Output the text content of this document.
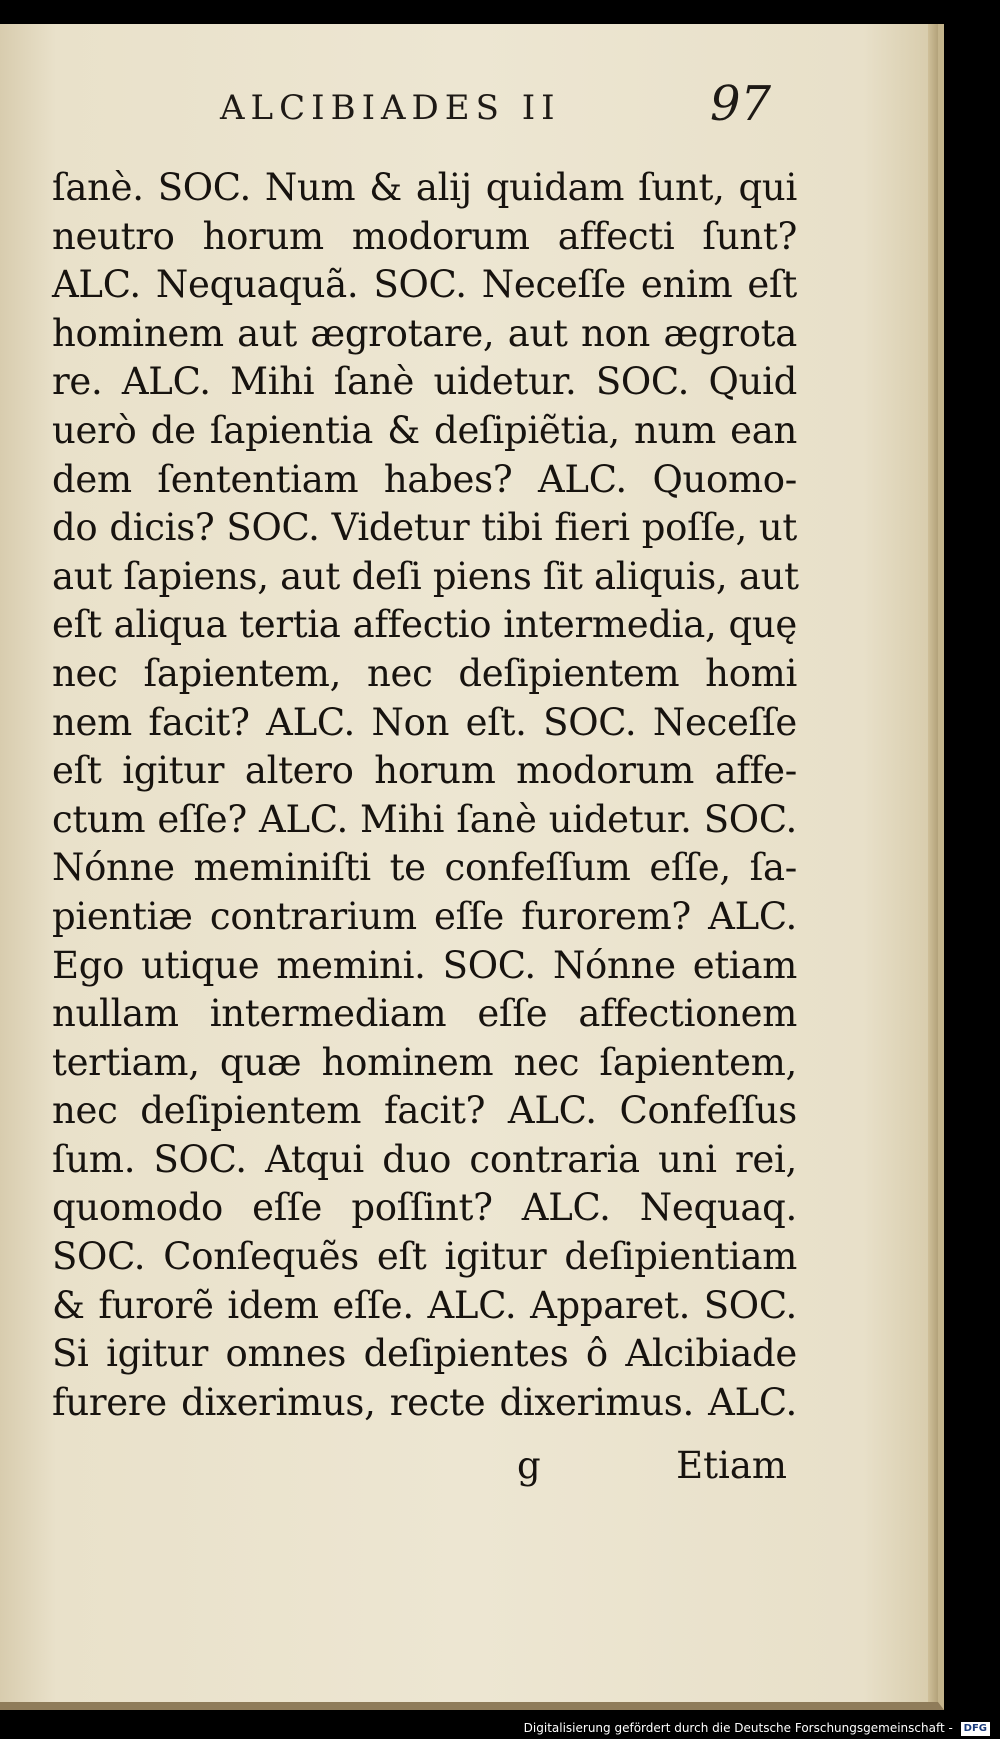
ALCIBIADES II	97
ſanè. SOC. Num & alij quidam ſunt, qui
neutro horum modorum affecti ſunt?
ALC. Nequaquã. SOC. Neceſſe enim eſt
hominem aut ægrotare, aut non ægrota
re. ALC. Mihi ſanè uidetur. SOC. Quid
uerò de ſapientia & deſipiẽtia, num ean
dem ſententiam habes? ALC. Quomo-
do dicis? SOC. Videtur tibi fieri poſſe, ut
aut ſapiens, aut deſi piens ſit aliquis, aut
eſt aliqua tertia affectio intermedia, quę
nec ſapientem, nec deſipientem homi
nem facit? ALC. Non eſt. SOC. Neceſſe
eſt igitur altero horum modorum affe-
ctum eſſe? ALC. Mihi ſanè uidetur. SOC.
Nónne meminiſti te confeſſum eſſe, ſa-
pientiæ contrarium eſſe furorem? ALC.
Ego utique memini. SOC. Nónne etiam
nullam intermediam eſſe affectionem
tertiam, quæ hominem nec ſapientem,
nec deſipientem facit? ALC. Confeſſus
ſum. SOC. Atqui duo contraria uni rei,
quomodo eſſe poſſint? ALC. Nequaq.
SOC. Conſequẽs eſt igitur deſipientiam
& furorẽ idem eſſe. ALC. Apparet. SOC.
Si igitur omnes deſipientes ô Alcibiade
furere dixerimus, recte dixerimus. ALC.
g	Etiam
Digitalisierung gefördert durch die Deutsche Forschungsgemeinschaft - DFG
